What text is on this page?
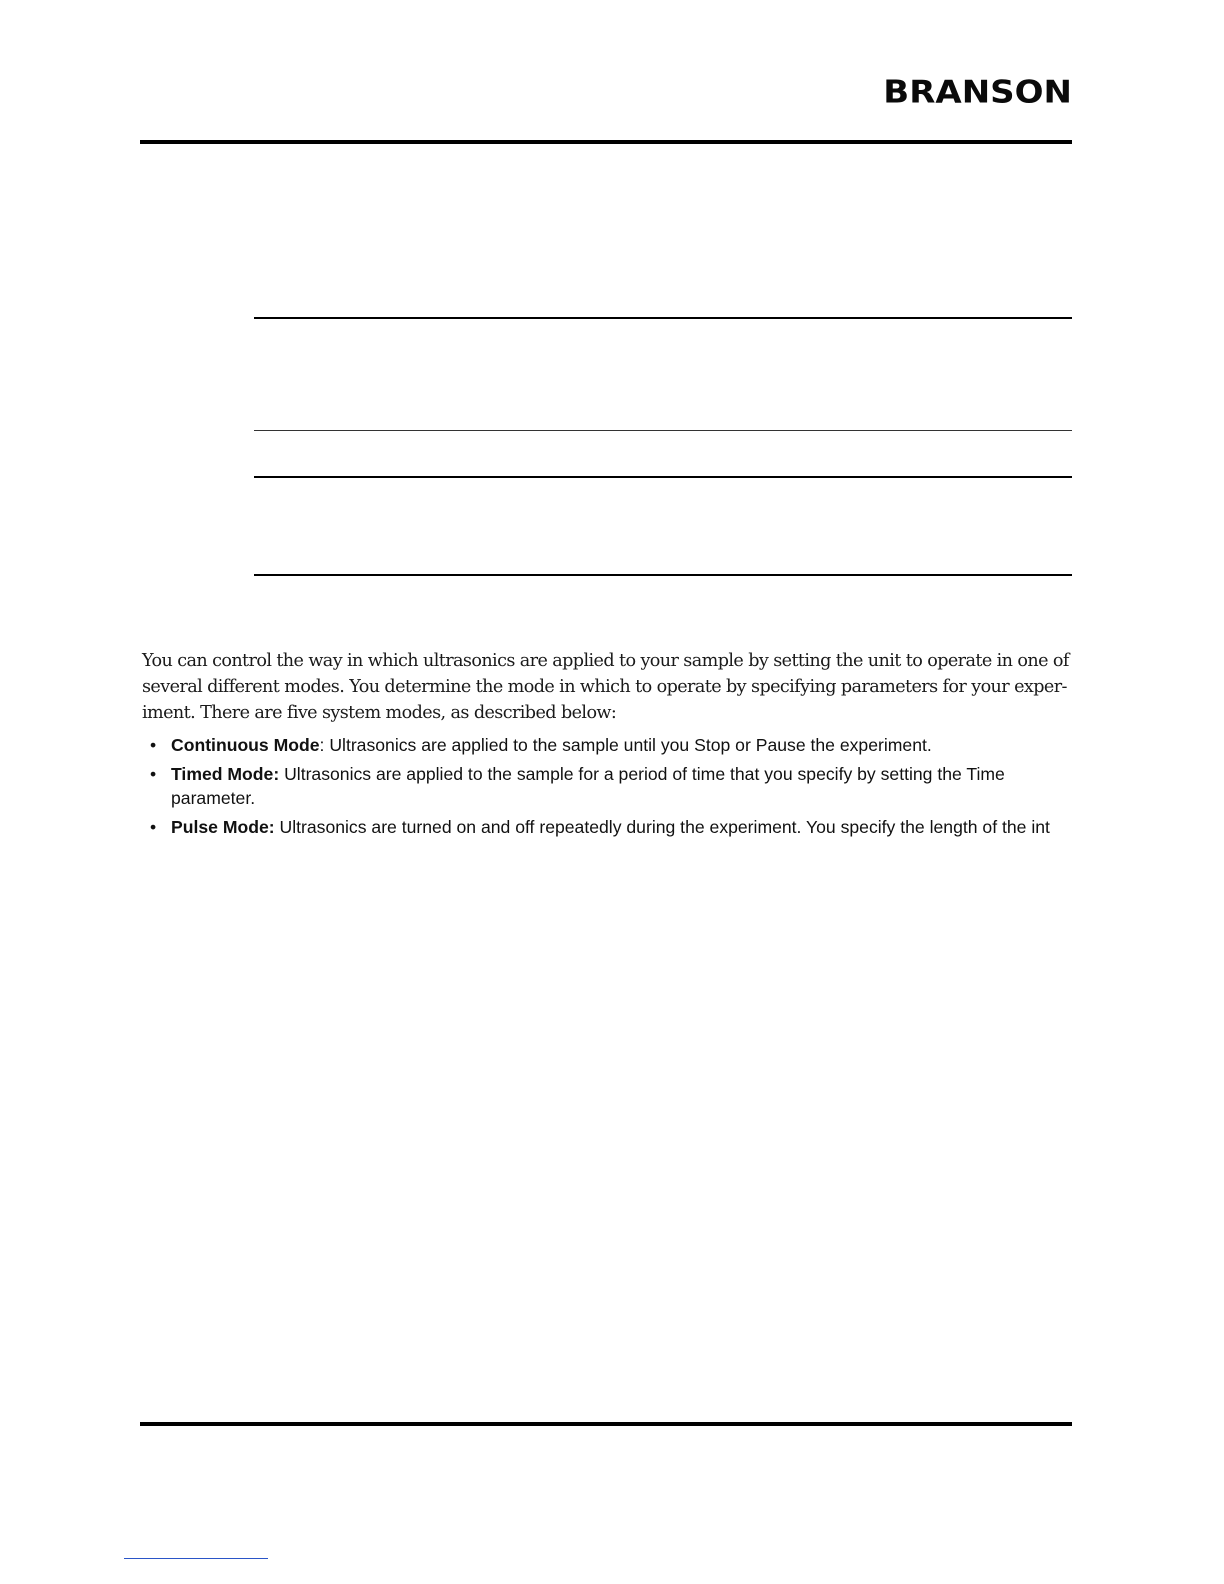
BRANSON

You can control the way in which ultrasonics are applied to your sample by setting the unit to operate in one of several different modes. You determine the mode in which to operate by specifying parameters for your exper-iment. There are five system modes, as described below:

• Continuous Mode: Ultrasonics are applied to the sample until you Stop or Pause the experiment.
• Timed Mode: Ultrasonics are applied to the sample for a period of time that you specify by setting the Time parameter.
• Pulse Mode: Ultrasonics are turned on and off repeatedly during the experiment. You specify the length of the int
